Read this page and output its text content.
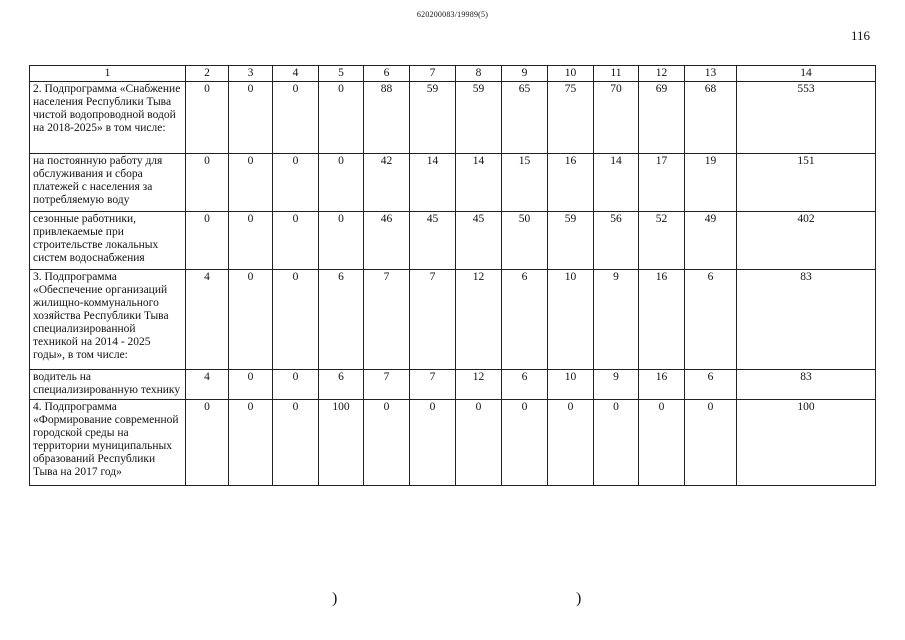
620200083/19989(5)
116
1	2	3	4	5	6	7	8	9	10	11	12	13	14
2. Подпрограмма «Снабжение населения Республики Тыва чистой водопроводной водой на 2018-2025» в том числе:	0	0	0	0	88	59	59	65	75	70	69	68	553
на постоянную работу для обслуживания и сбора платежей с населения за потребляемую воду	0	0	0	0	42	14	14	15	16	14	17	19	151
сезонные работники, привлекаемые при строительстве локальных систем водоснабжения	0	0	0	0	46	45	45	50	59	56	52	49	402
3. Подпрограмма «Обеспечение организаций жилищно-коммунального хозяйства Республики Тыва специализированной техникой на 2014 - 2025 годы», в том числе:	4	0	0	6	7	7	12	6	10	9	16	6	83
водитель на специализированную технику	4	0	0	6	7	7	12	6	10	9	16	6	83
4. Подпрограмма «Формирование современной городской среды на территории муниципальных образований Республики Тыва на 2017 год»	0	0	0	100	0	0	0	0	0	0	0	0	100
)	)
